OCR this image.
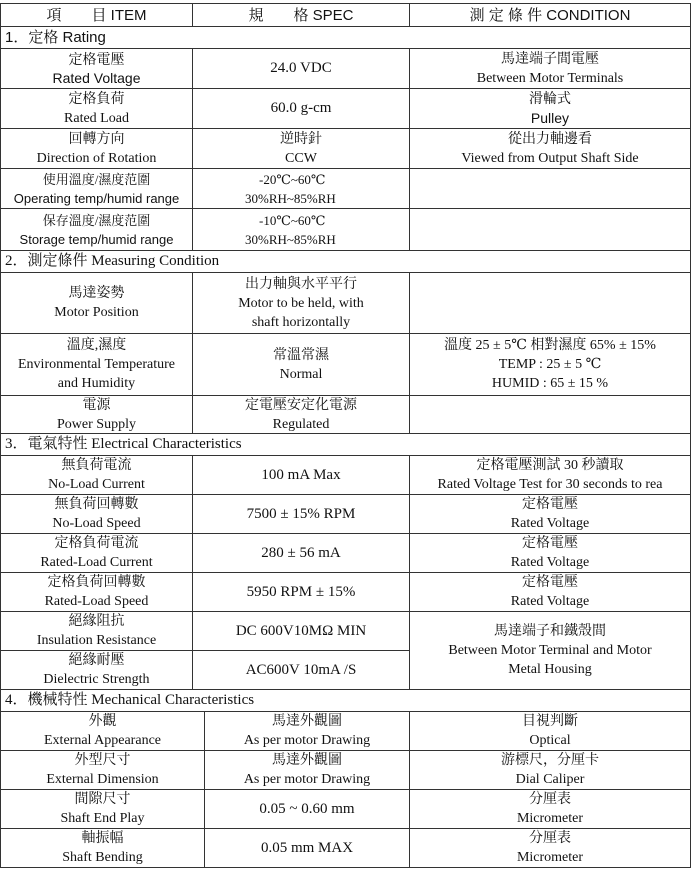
項　　目 ITEM	規　　格 SPEC	測 定 條 件 CONDITION
1．定格 Rating
定格電壓
Rated Voltage
24.0 VDC
馬達端子間電壓
Between Motor Terminals
定格負荷
Rated Load
60.0 g-cm
滑輪式
Pulley
回轉方向
Direction of Rotation
逆時針
CCW
從出力軸邊看
Viewed from Output Shaft Side
使用溫度/濕度范圍
Operating temp/humid range
-20℃~60℃
30%RH~85%RH
保存溫度/濕度范圍
Storage temp/humid range
-10℃~60℃
30%RH~85%RH
2．測定條件 Measuring Condition
馬達姿勢
Motor Position
出力軸與水平平行
Motor to be held, with
shaft horizontally
溫度,濕度
Environmental Temperature
and Humidity
常溫常濕
Normal
溫度 25 ± 5℃ 相對濕度 65% ± 15%
TEMP : 25 ± 5 ℃
HUMID : 65 ± 15 %
電源
Power Supply
定電壓安定化電源
Regulated
3．電氣特性 Electrical Characteristics
無負荷電流
No-Load Current
100 mA Max
定格電壓測試 30 秒讀取
Rated Voltage Test for 30 seconds to rea
無負荷回轉數
No-Load Speed
7500 ± 15% RPM
定格電壓
Rated Voltage
定格負荷電流
Rated-Load Current
280 ± 56 mA
定格電壓
Rated Voltage
定格負荷回轉數
Rated-Load Speed
5950 RPM ± 15%
定格電壓
Rated Voltage
絕緣阻抗
Insulation Resistance
DC 600V10MΩ MIN
絕緣耐壓
Dielectric Strength
AC600V 10mA /S
馬達端子和鐵殼間
Between Motor Terminal and Motor
Metal Housing
4．機械特性 Mechanical Characteristics
外觀
External Appearance
馬達外觀圖
As per motor Drawing
目視判斷
Optical
外型尺寸
External Dimension
馬達外觀圖
As per motor Drawing
游標尺，分厘卡
Dial Caliper
間隙尺寸
Shaft End Play
0.05 ~ 0.60 mm
分厘表
Micrometer
軸振幅
Shaft Bending
0.05 mm MAX
分厘表
Micrometer
